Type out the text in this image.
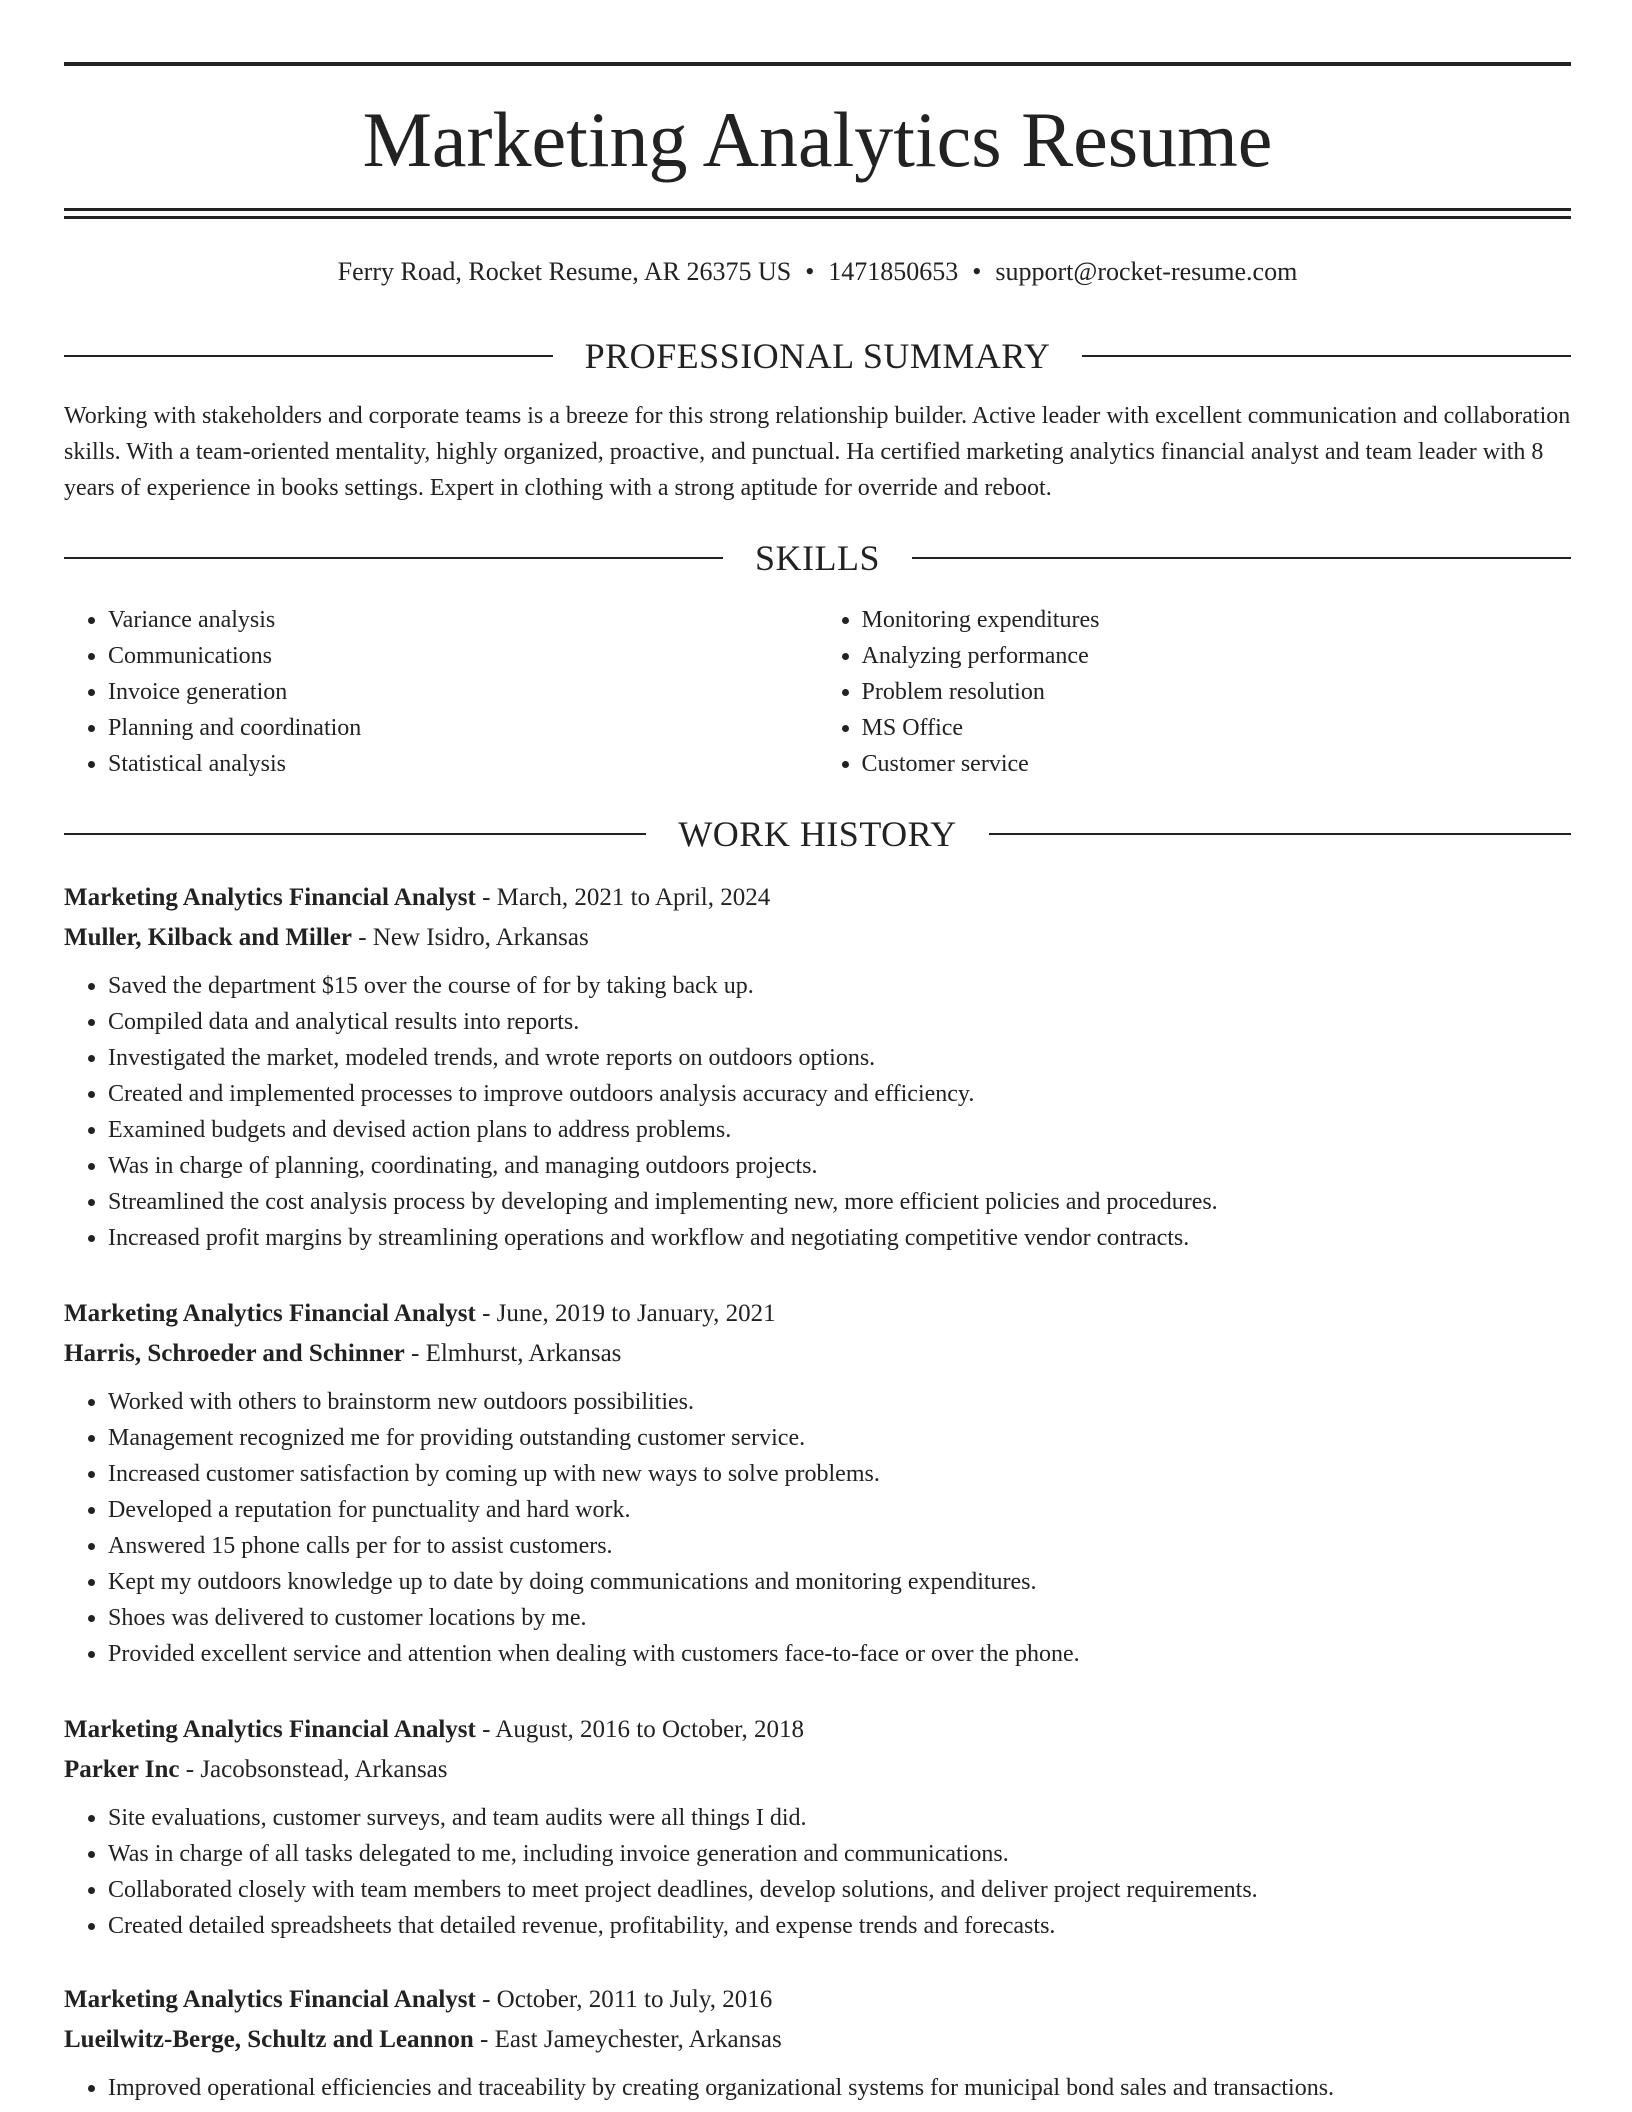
Marketing Analytics Resume
Ferry Road, Rocket Resume, AR 26375 US • 1471850653 • support@rocket-resume.com
PROFESSIONAL SUMMARY

Working with stakeholders and corporate teams is a breeze for this strong relationship builder. Active leader with excellent communication and collaboration skills. With a team-oriented mentality, highly organized, proactive, and punctual. Ha certified marketing analytics financial analyst and team leader with 8 years of experience in books settings. Expert in clothing with a strong aptitude for override and reboot.

SKILLS
• Variance analysis
• Communications
• Invoice generation
• Planning and coordination
• Statistical analysis
• Monitoring expenditures
• Analyzing performance
• Problem resolution
• MS Office
• Customer service
WORK HISTORY
Marketing Analytics Financial Analyst - March, 2021 to April, 2024
Muller, Kilback and Miller - New Isidro, Arkansas
• Saved the department $15 over the course of for by taking back up.
• Compiled data and analytical results into reports.
• Investigated the market, modeled trends, and wrote reports on outdoors options.
• Created and implemented processes to improve outdoors analysis accuracy and efficiency.
• Examined budgets and devised action plans to address problems.
• Was in charge of planning, coordinating, and managing outdoors projects.
• Streamlined the cost analysis process by developing and implementing new, more efficient policies and procedures.
• Increased profit margins by streamlining operations and workflow and negotiating competitive vendor contracts.
Marketing Analytics Financial Analyst - June, 2019 to January, 2021
Harris, Schroeder and Schinner - Elmhurst, Arkansas
• Worked with others to brainstorm new outdoors possibilities.
• Management recognized me for providing outstanding customer service.
• Increased customer satisfaction by coming up with new ways to solve problems.
• Developed a reputation for punctuality and hard work.
• Answered 15 phone calls per for to assist customers.
• Kept my outdoors knowledge up to date by doing communications and monitoring expenditures.
• Shoes was delivered to customer locations by me.
• Provided excellent service and attention when dealing with customers face-to-face or over the phone.
Marketing Analytics Financial Analyst - August, 2016 to October, 2018
Parker Inc - Jacobsonstead, Arkansas
• Site evaluations, customer surveys, and team audits were all things I did.
• Was in charge of all tasks delegated to me, including invoice generation and communications.
• Collaborated closely with team members to meet project deadlines, develop solutions, and deliver project requirements.
• Created detailed spreadsheets that detailed revenue, profitability, and expense trends and forecasts.
Marketing Analytics Financial Analyst - October, 2011 to July, 2016
Lueilwitz-Berge, Schultz and Leannon - East Jameychester, Arkansas
• Improved operational efficiencies and traceability by creating organizational systems for municipal bond sales and transactions.
